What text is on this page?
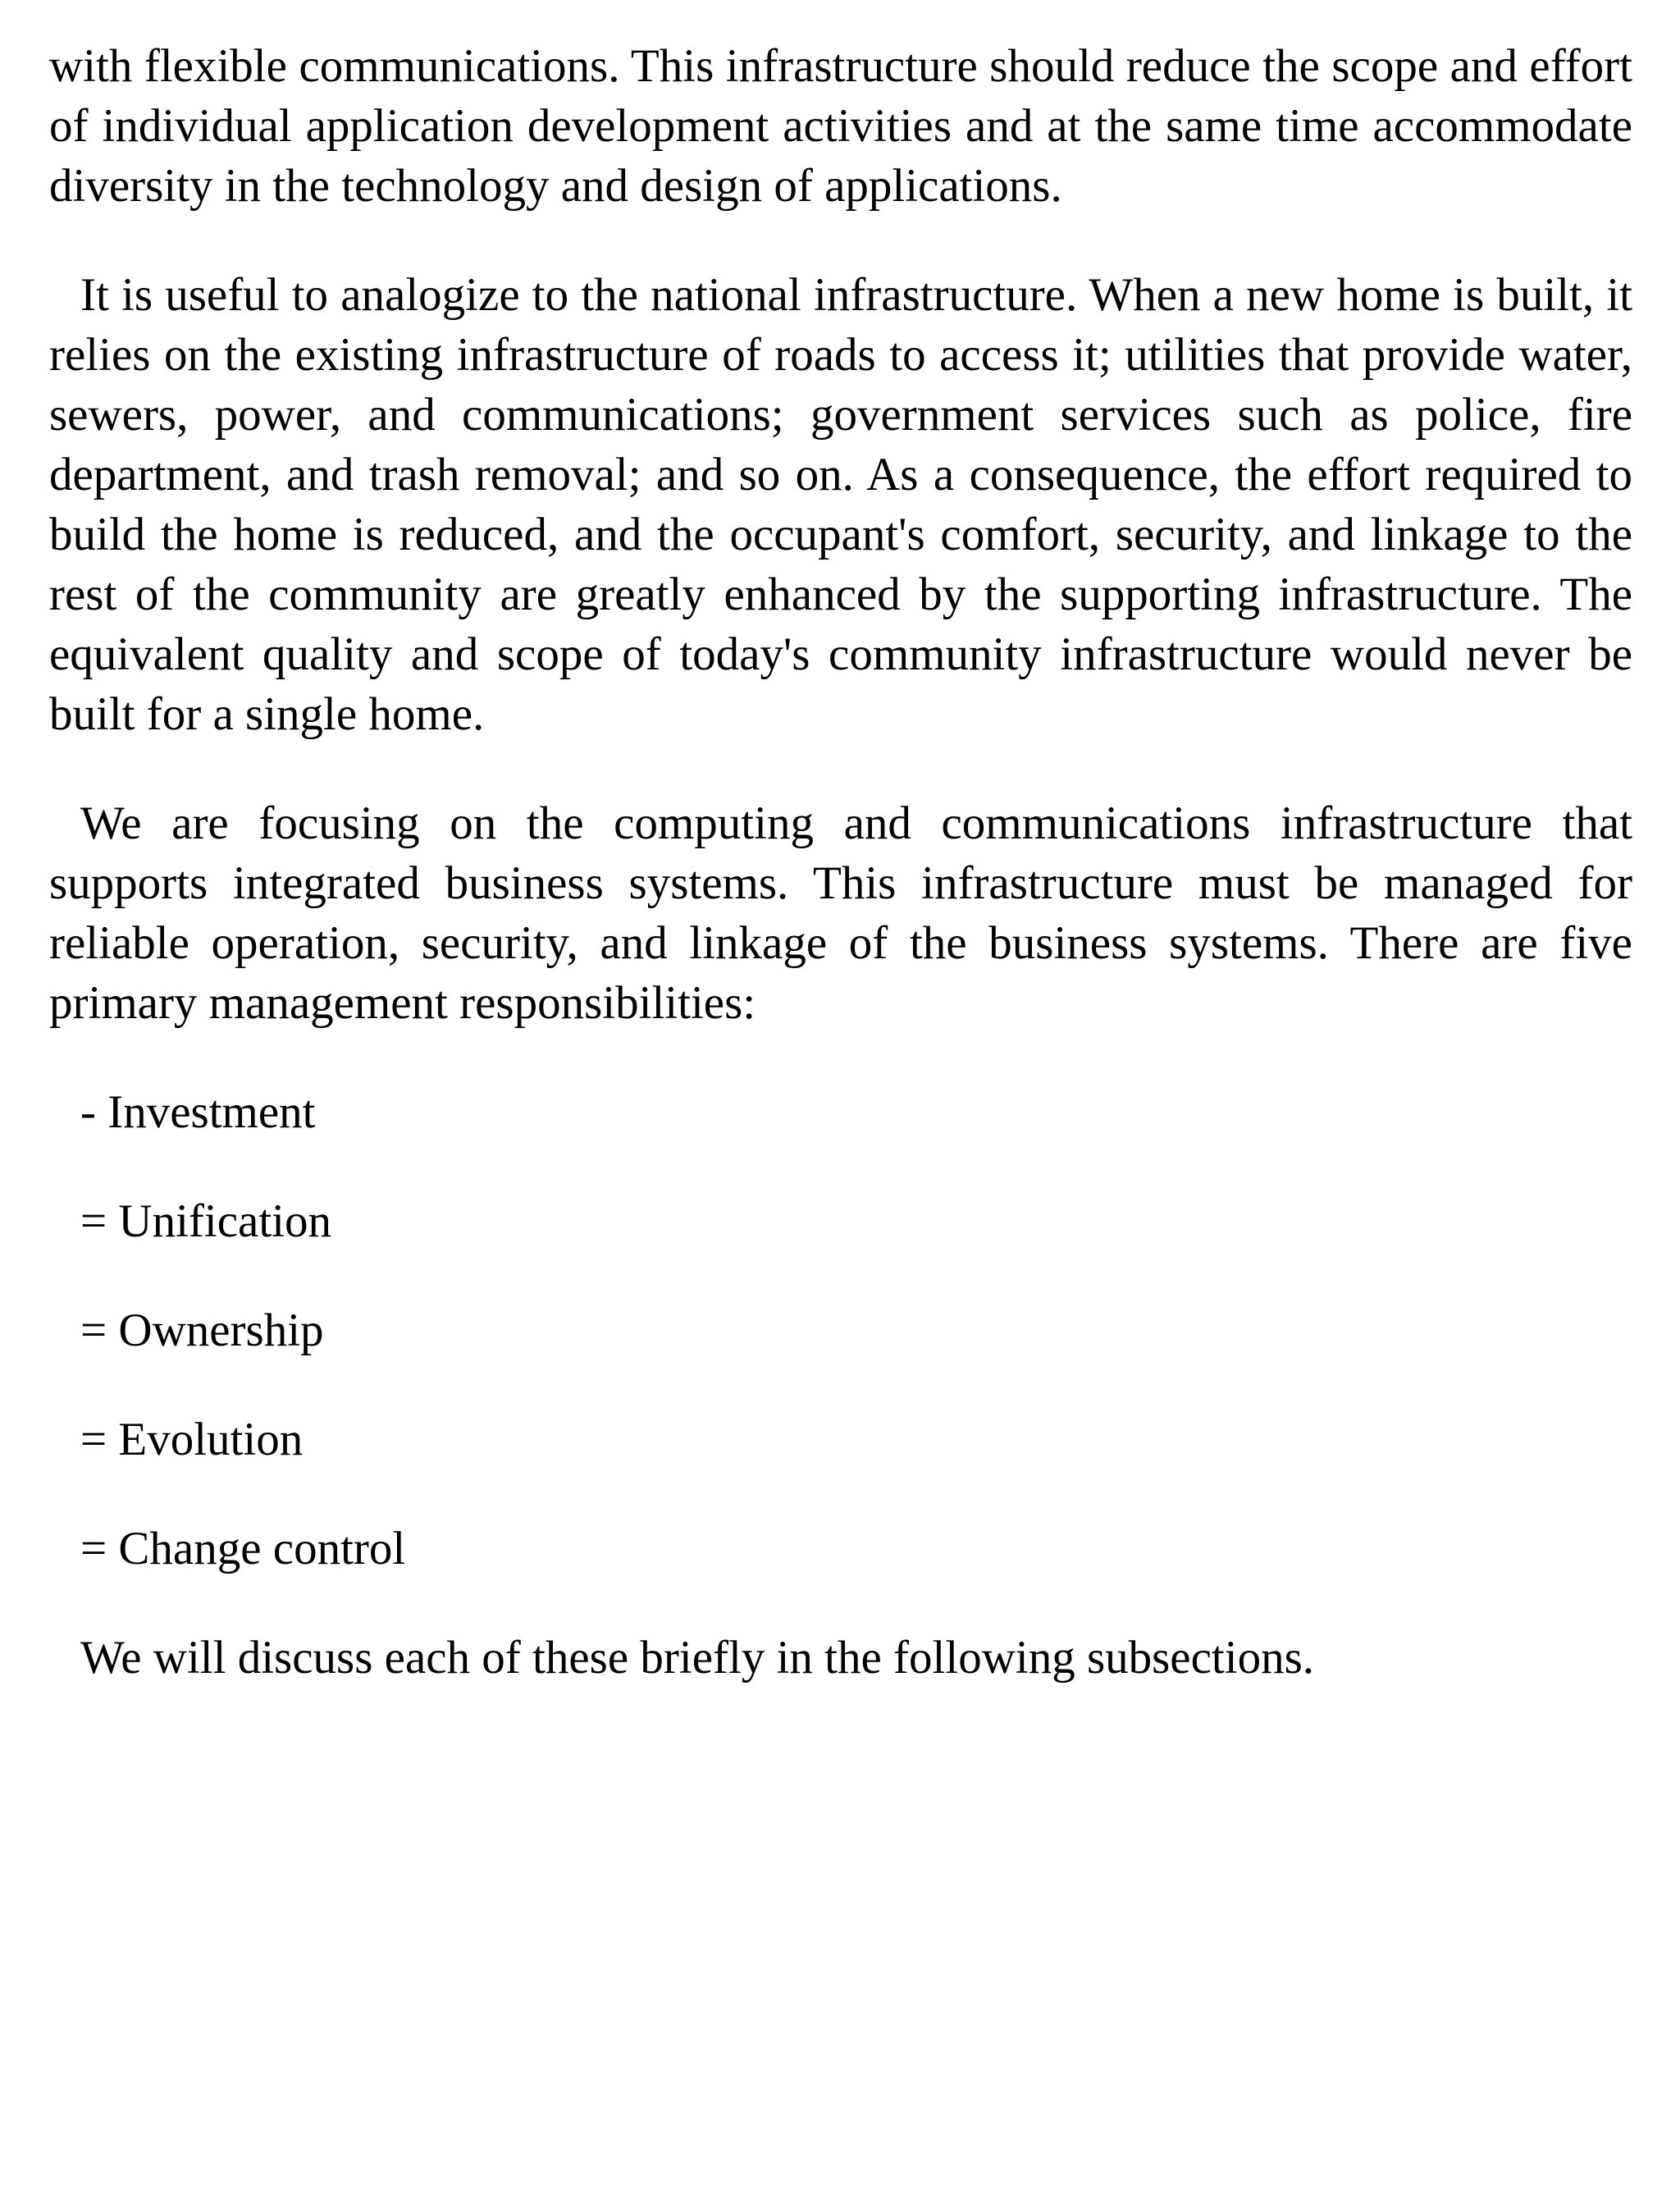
with flexible communications. This infrastructure should reduce the scope and effort of individual application development activities and at the same time accommodate diversity in the technology and design of applications.

It is useful to analogize to the national infrastructure. When a new home is built, it relies on the existing infrastructure of roads to access it; utilities that provide water, sewers, power, and communications; government services such as police, fire department, and trash removal; and so on. As a consequence, the effort required to build the home is reduced, and the occupant's comfort, security, and linkage to the rest of the community are greatly enhanced by the supporting infrastructure. The equivalent quality and scope of today's community infrastructure would never be built for a single home.

We are focusing on the computing and communications infrastructure that supports integrated business systems. This infrastructure must be managed for reliable operation, security, and linkage of the business systems. There are five primary management responsibilities:

- Investment
= Unification
= Ownership
= Evolution
= Change control

We will discuss each of these briefly in the following subsections.
